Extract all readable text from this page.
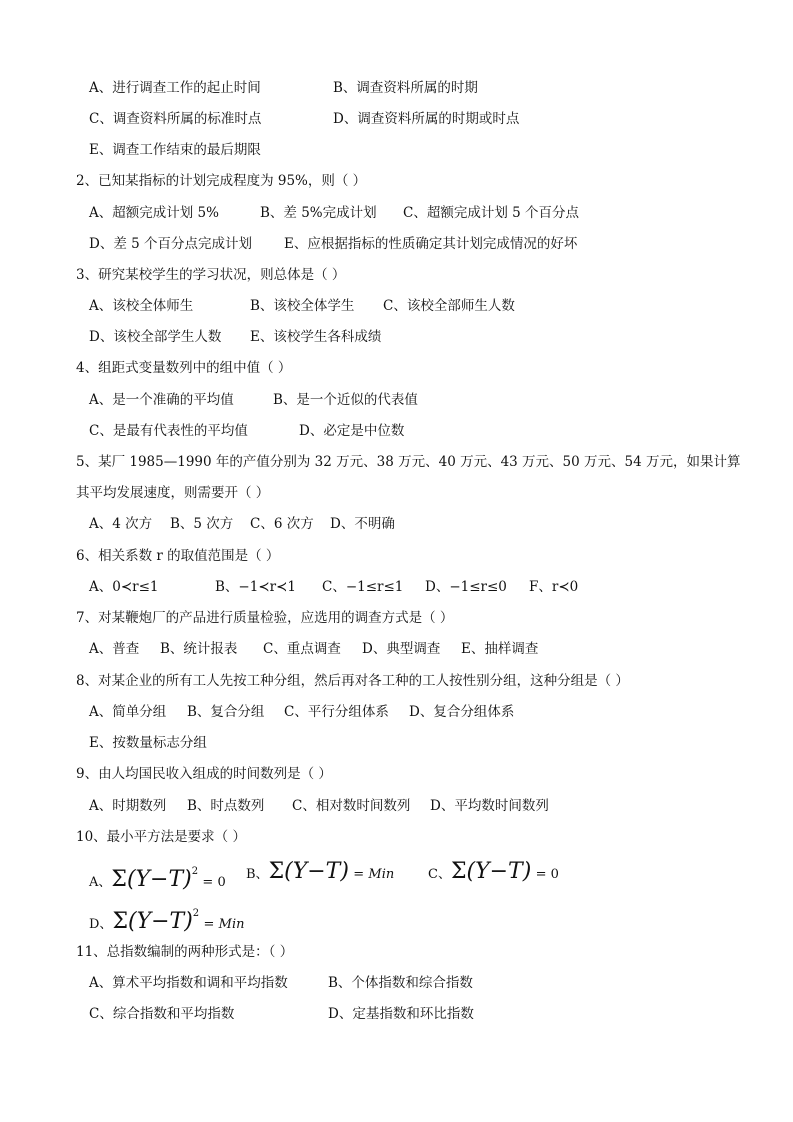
A、进行调查工作的起止时间	B、调查资料所属的时期
C、调查资料所属的标准时点	D、调查资料所属的时期或时点
E、调查工作结束的最后期限
2、已知某指标的计划完成程度为 95%，则（ ）
A、超额完成计划 5%	B、差 5%完成计划 C、超额完成计划 5 个百分点
D、差 5 个百分点完成计划 E、应根据指标的性质确定其计划完成情况的好坏
3、研究某校学生的学习状况，则总体是（ ）
A、该校全体师生	B、该校全体学生 C、该校全部师生人数
D、该校全部学生人数 E、该校学生各科成绩
4、组距式变量数列中的组中值（ ）
A、是一个准确的平均值	B、是一个近似的代表值
C、是最有代表性的平均值	D、必定是中位数
5、某厂 1985—1990 年的产值分别为 32 万元、38 万元、40 万元、43 万元、50 万元、54 万元，如果计算
其平均发展速度，则需要开（ ）
A、4 次方 B、5 次方 C、6 次方 D、不明确
6、相关系数 r 的取值范围是（ ）
A、0≺r≤1	B、−1≺r≺1 C、−1≤r≤1 D、−1≤r≤0 F、r≺0
7、对某鞭炮厂的产品进行质量检验，应选用的调查方式是（ ）
A、普查 B、统计报表 C、重点调查 D、典型调查 E、抽样调查
8、对某企业的所有工人先按工种分组，然后再对各工种的工人按性别分组，这种分组是（ ）
A、简单分组 B、复合分组 C、平行分组体系 D、复合分组体系
E、按数量标志分组
9、由人均国民收入组成的时间数列是（ ）
A、时期数列 B、时点数列 C、相对数时间数列 D、平均数时间数列
10、最小平方法是要求（ ）
A、$\Sigma(Y-T)^2 = 0$
B、Σ(Y−T) = Min	C、Σ(Y−T) = 0
D、$\Sigma(Y-T)^2$ = Min
11、总指数编制的两种形式是：（ ）
A、算术平均指数和调和平均指数	B、个体指数和综合指数
C、综合指数和平均指数	D、定基指数和环比指数
